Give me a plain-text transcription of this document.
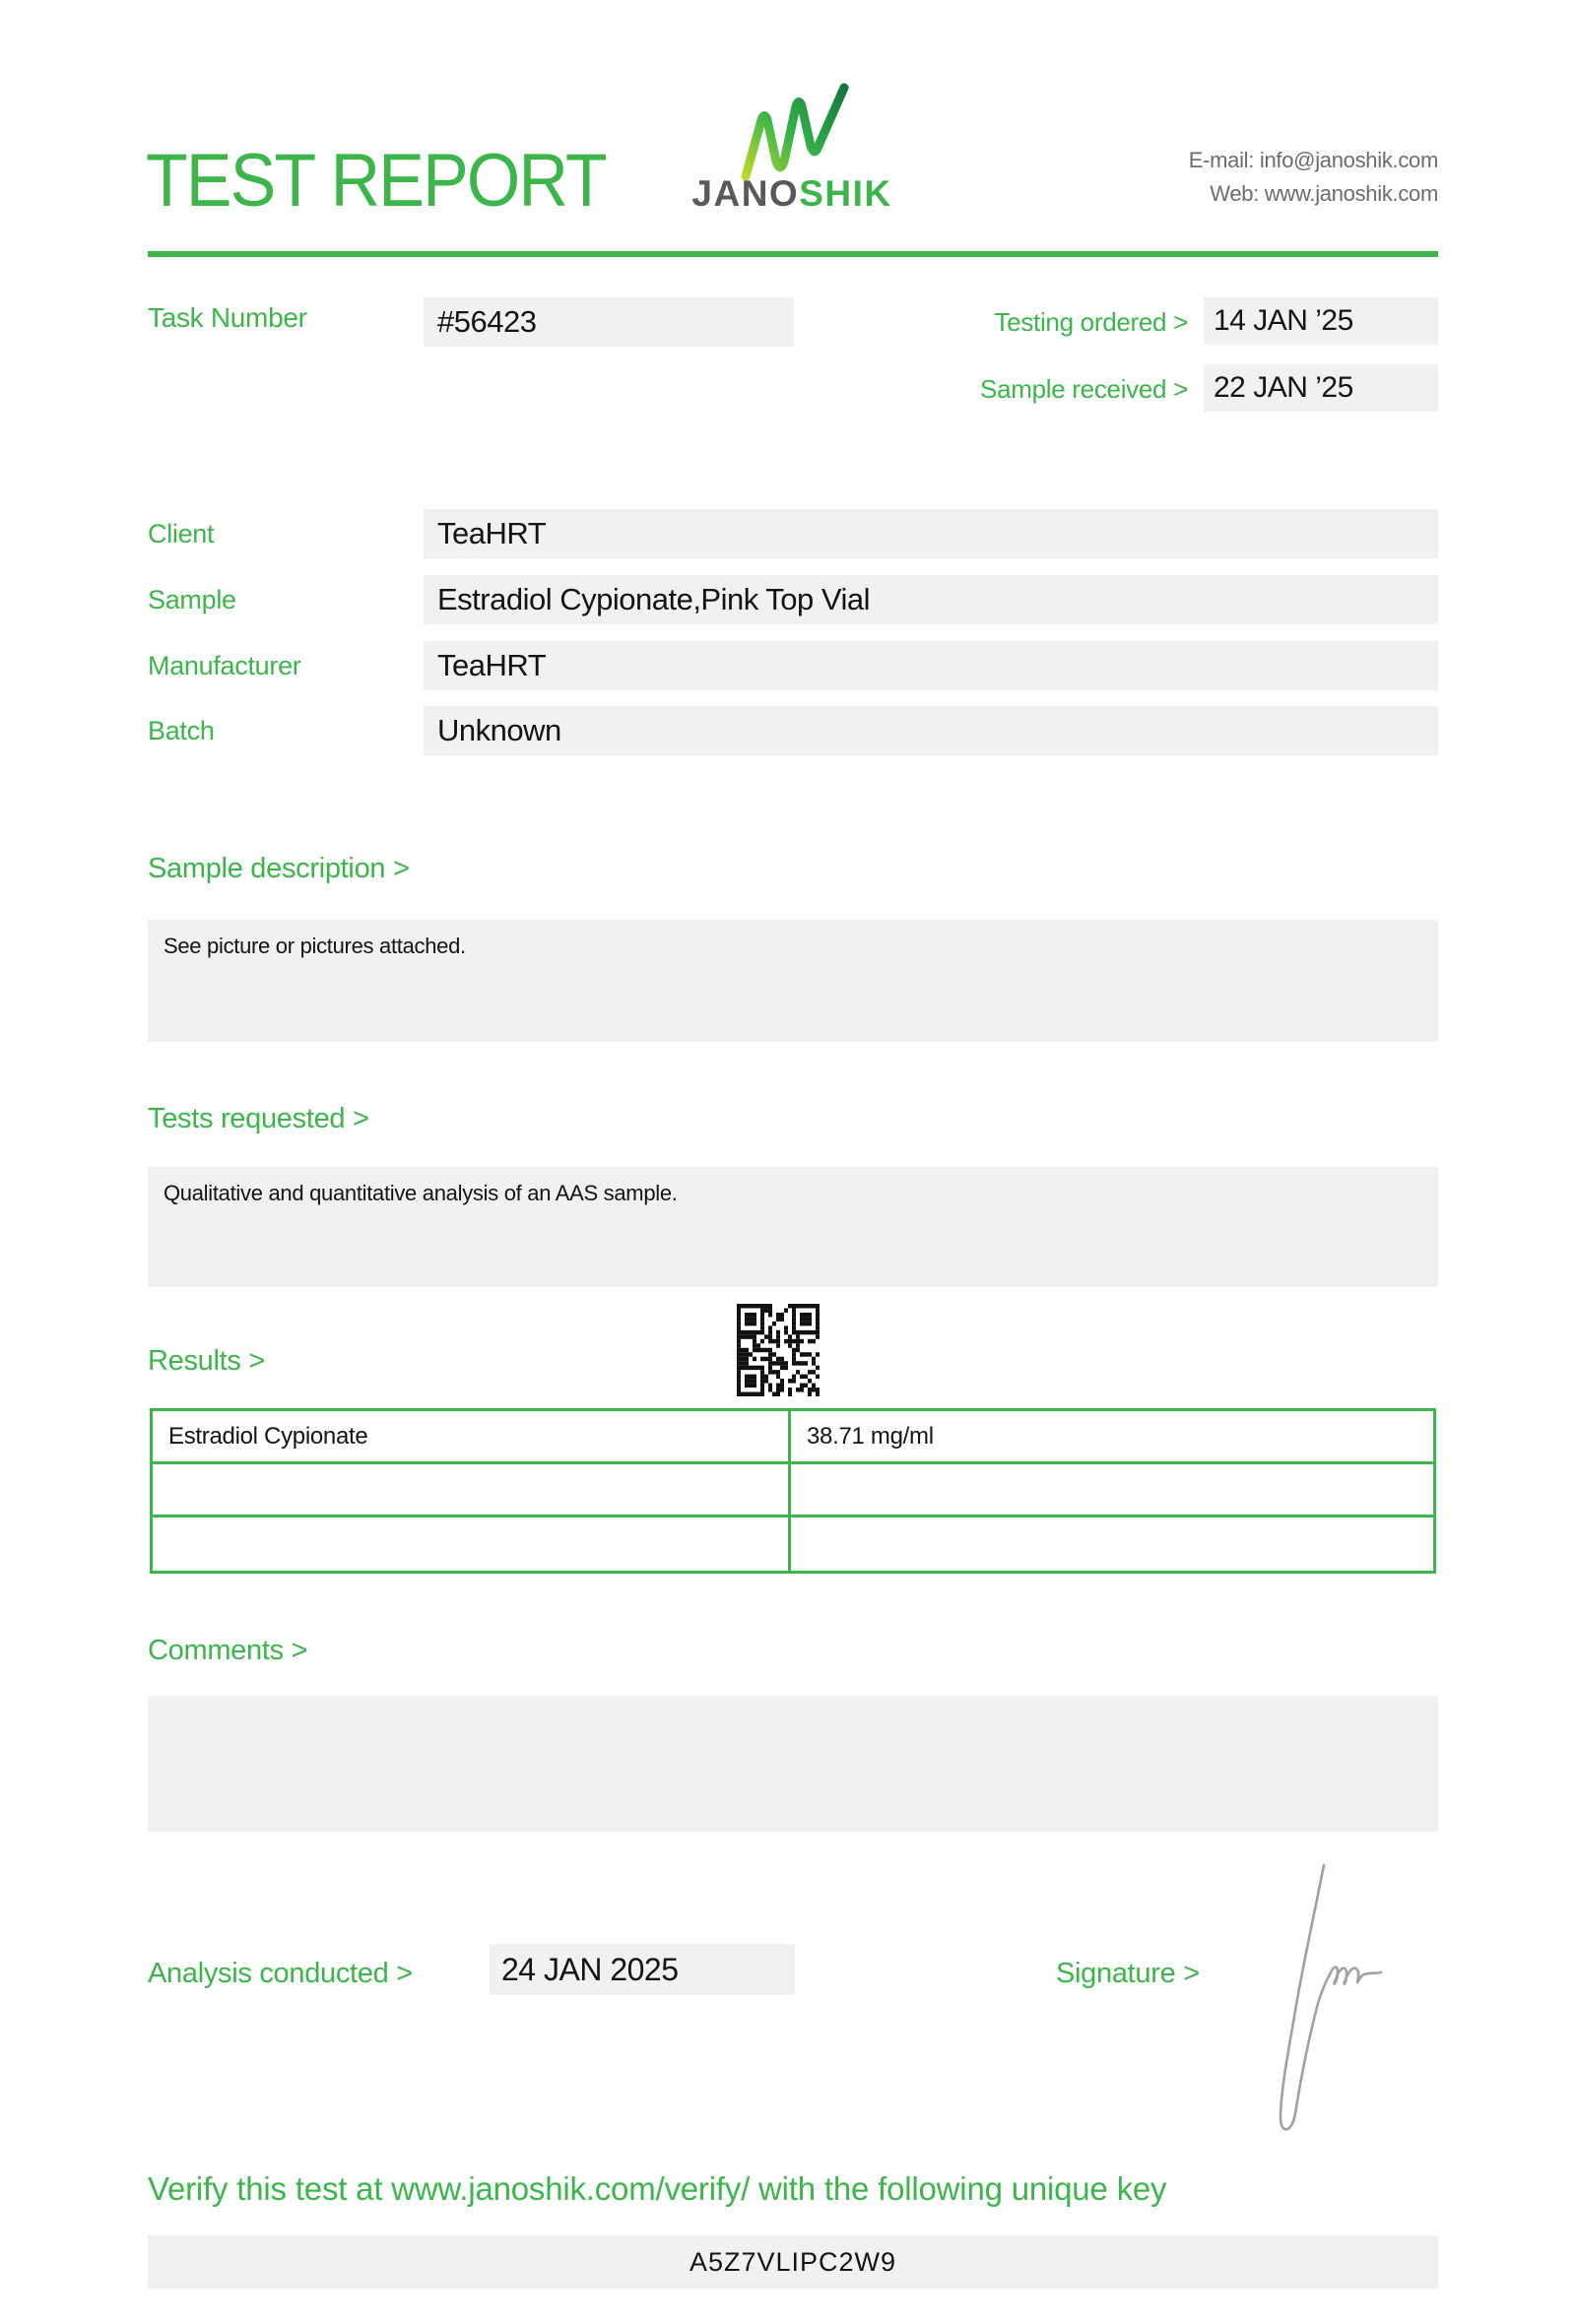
TEST REPORT	JANOSHIK
E-mail: info@janoshik.com
Web: www.janoshik.com
Task Number	#56423	Testing ordered > 14 JAN ’25
Sample received > 22 JAN ’25
Client	TeaHRT
Sample	Estradiol Cypionate,Pink Top Vial
Manufacturer	TeaHRT
Batch	Unknown
Sample description >
See picture or pictures attached.
Tests requested >
Qualitative and quantitative analysis of an AAS sample.
Results >
Estradiol Cypionate	38.71 mg/ml
Comments >
Analysis conducted >	24 JAN 2025	Signature >
Verify this test at www.janoshik.com/verify/ with the following unique key
A5Z7VLIPC2W9
